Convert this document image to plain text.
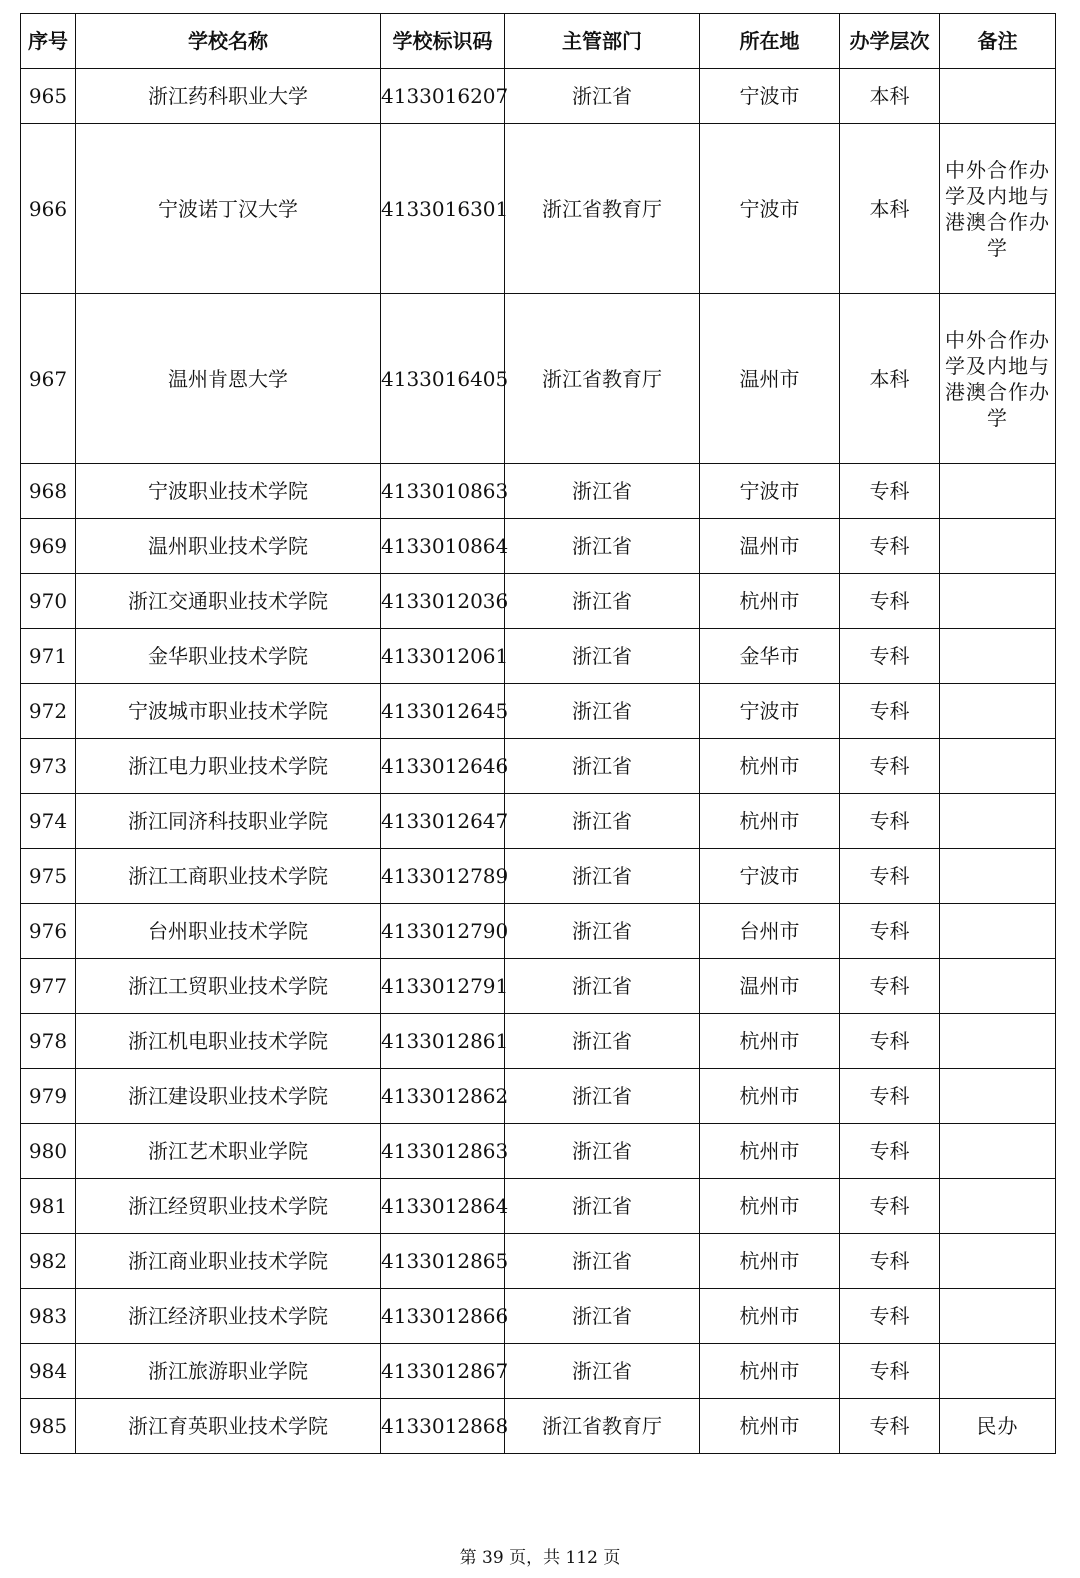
序号	学校名称	学校标识码	主管部门	所在地	办学层次	备注
965	浙江药科职业大学	4133016207	浙江省	宁波市	本科	
966	宁波诺丁汉大学	4133016301	浙江省教育厅	宁波市	本科	中外合作办学及内地与港澳合作办学
967	温州肯恩大学	4133016405	浙江省教育厅	温州市	本科	中外合作办学及内地与港澳合作办学
968	宁波职业技术学院	4133010863	浙江省	宁波市	专科	
969	温州职业技术学院	4133010864	浙江省	温州市	专科	
970	浙江交通职业技术学院	4133012036	浙江省	杭州市	专科	
971	金华职业技术学院	4133012061	浙江省	金华市	专科	
972	宁波城市职业技术学院	4133012645	浙江省	宁波市	专科	
973	浙江电力职业技术学院	4133012646	浙江省	杭州市	专科	
974	浙江同济科技职业学院	4133012647	浙江省	杭州市	专科	
975	浙江工商职业技术学院	4133012789	浙江省	宁波市	专科	
976	台州职业技术学院	4133012790	浙江省	台州市	专科	
977	浙江工贸职业技术学院	4133012791	浙江省	温州市	专科	
978	浙江机电职业技术学院	4133012861	浙江省	杭州市	专科	
979	浙江建设职业技术学院	4133012862	浙江省	杭州市	专科	
980	浙江艺术职业学院	4133012863	浙江省	杭州市	专科	
981	浙江经贸职业技术学院	4133012864	浙江省	杭州市	专科	
982	浙江商业职业技术学院	4133012865	浙江省	杭州市	专科	
983	浙江经济职业技术学院	4133012866	浙江省	杭州市	专科	
984	浙江旅游职业学院	4133012867	浙江省	杭州市	专科	
985	浙江育英职业技术学院	4133012868	浙江省教育厅	杭州市	专科	民办
第 39 页，共 112 页
